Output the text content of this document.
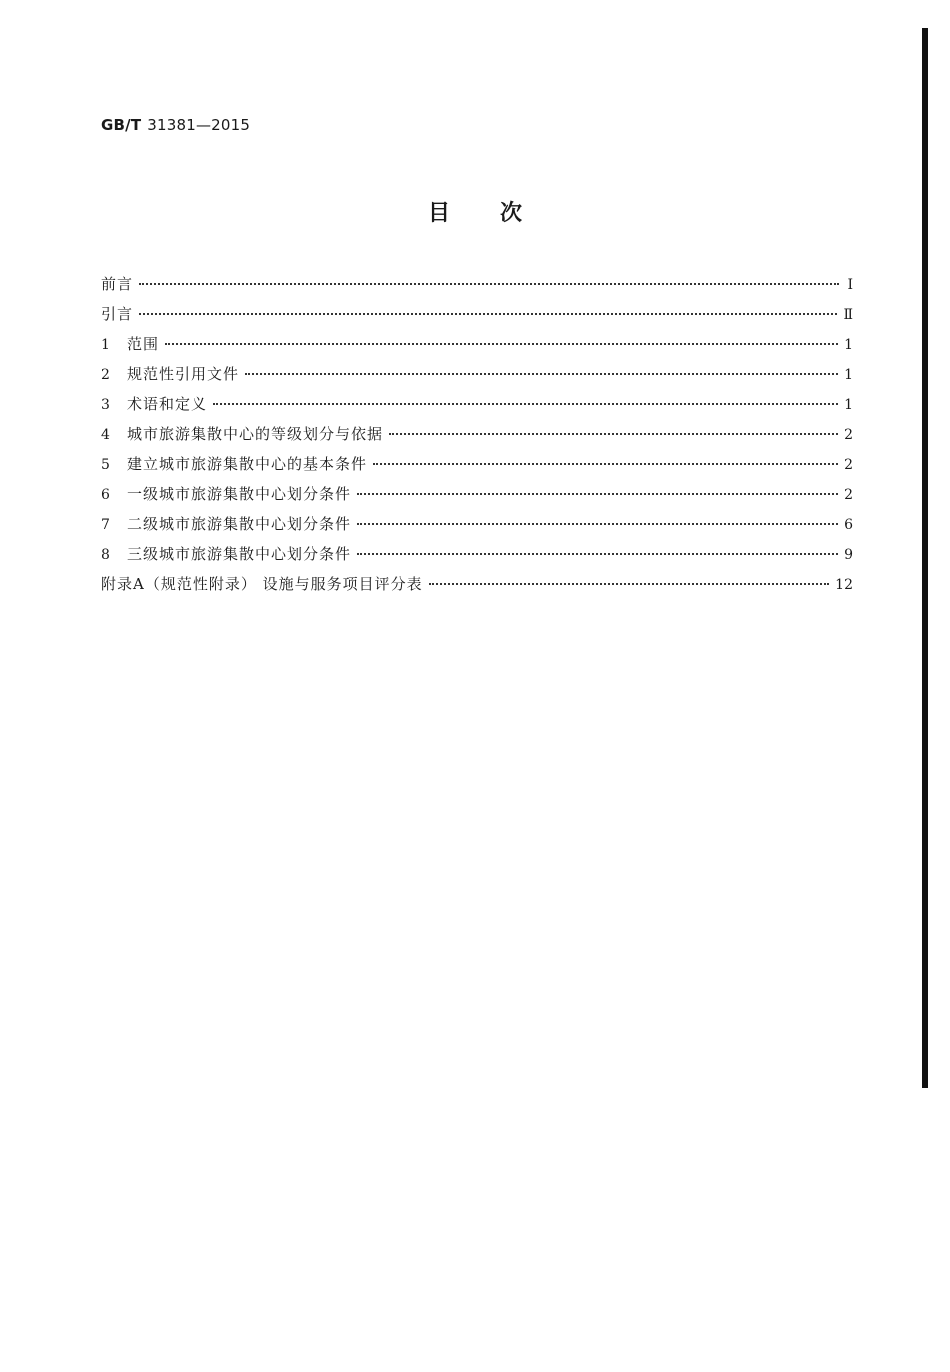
GB/T 31381—2015
目次
前言	Ⅰ
引言	Ⅱ
1	范围	1
2	规范性引用文件	1
3	术语和定义	1
4	城市旅游集散中心的等级划分与依据	2
5	建立城市旅游集散中心的基本条件	2
6	一级城市旅游集散中心划分条件	2
7	二级城市旅游集散中心划分条件	6
8	三级城市旅游集散中心划分条件	9
附录A（规范性附录） 设施与服务项目评分表	12
